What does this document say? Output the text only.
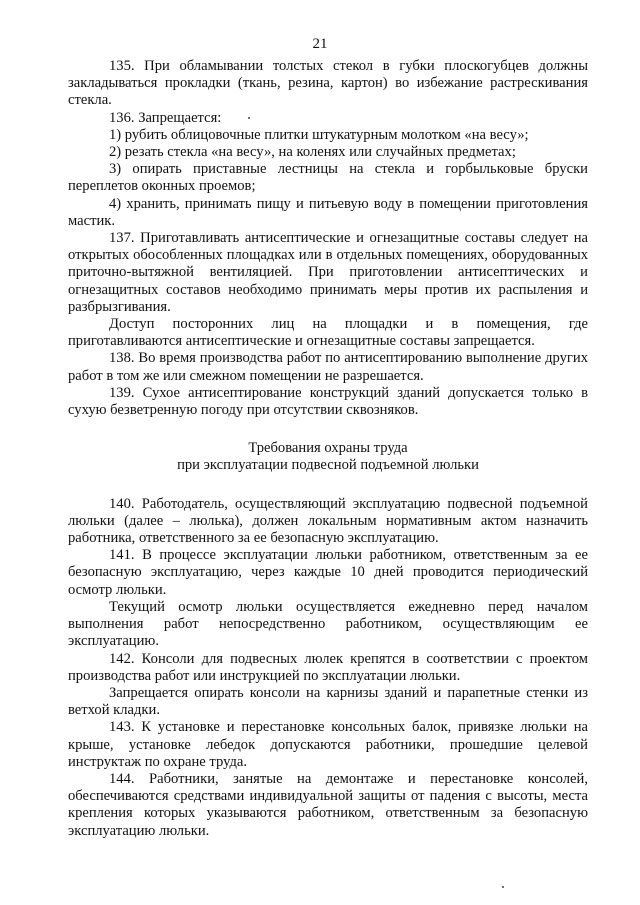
21

135. При обламывании толстых стекол в губки плоскогубцев должны закладываться прокладки (ткань, резина, картон) во избежание растрескивания стекла.

136. Запрещается:

1) рубить облицовочные плитки штукатурным молотком «на весу»;

2) резать стекла «на весу», на коленях или случайных предметах;

3) опирать приставные лестницы на стекла и горбыльковые бруски переплетов оконных проемов;

4) хранить, принимать пищу и питьевую воду в помещении приготовления мастик.

137. Приготавливать антисептические и огнезащитные составы следует на открытых обособленных площадках или в отдельных помещениях, оборудованных приточно-вытяжной вентиляцией. При приготовлении антисептических и огнезащитных составов необходимо принимать меры против их распыления и разбрызгивания.

Доступ посторонних лиц на площадки и в помещения, где приготавливаются антисептические и огнезащитные составы запрещается.

138. Во время производства работ по антисептированию выполнение других работ в том же или смежном помещении не разрешается.

139. Сухое антисептирование конструкций зданий допускается только в сухую безветренную погоду при отсутствии сквозняков.

Требования охраны труда
при эксплуатации подвесной подъемной люльки

140. Работодатель, осуществляющий эксплуатацию подвесной подъемной люльки (далее – люлька), должен локальным нормативным актом назначить работника, ответственного за ее безопасную эксплуатацию.

141. В процессе эксплуатации люльки работником, ответственным за ее безопасную эксплуатацию, через каждые 10 дней проводится периодический осмотр люльки.

Текущий осмотр люльки осуществляется ежедневно перед началом выполнения работ непосредственно работником, осуществляющим ее эксплуатацию.

142. Консоли для подвесных люлек крепятся в соответствии с проектом производства работ или инструкцией по эксплуатации люльки.

Запрещается опирать консоли на карнизы зданий и парапетные стенки из ветхой кладки.

143. К установке и перестановке консольных балок, привязке люльки на крыше, установке лебедок допускаются работники, прошедшие целевой инструктаж по охране труда.

144. Работники, занятые на демонтаже и перестановке консолей, обеспечиваются средствами индивидуальной защиты от падения с высоты, места крепления которых указываются работником, ответственным за безопасную эксплуатацию люльки.
